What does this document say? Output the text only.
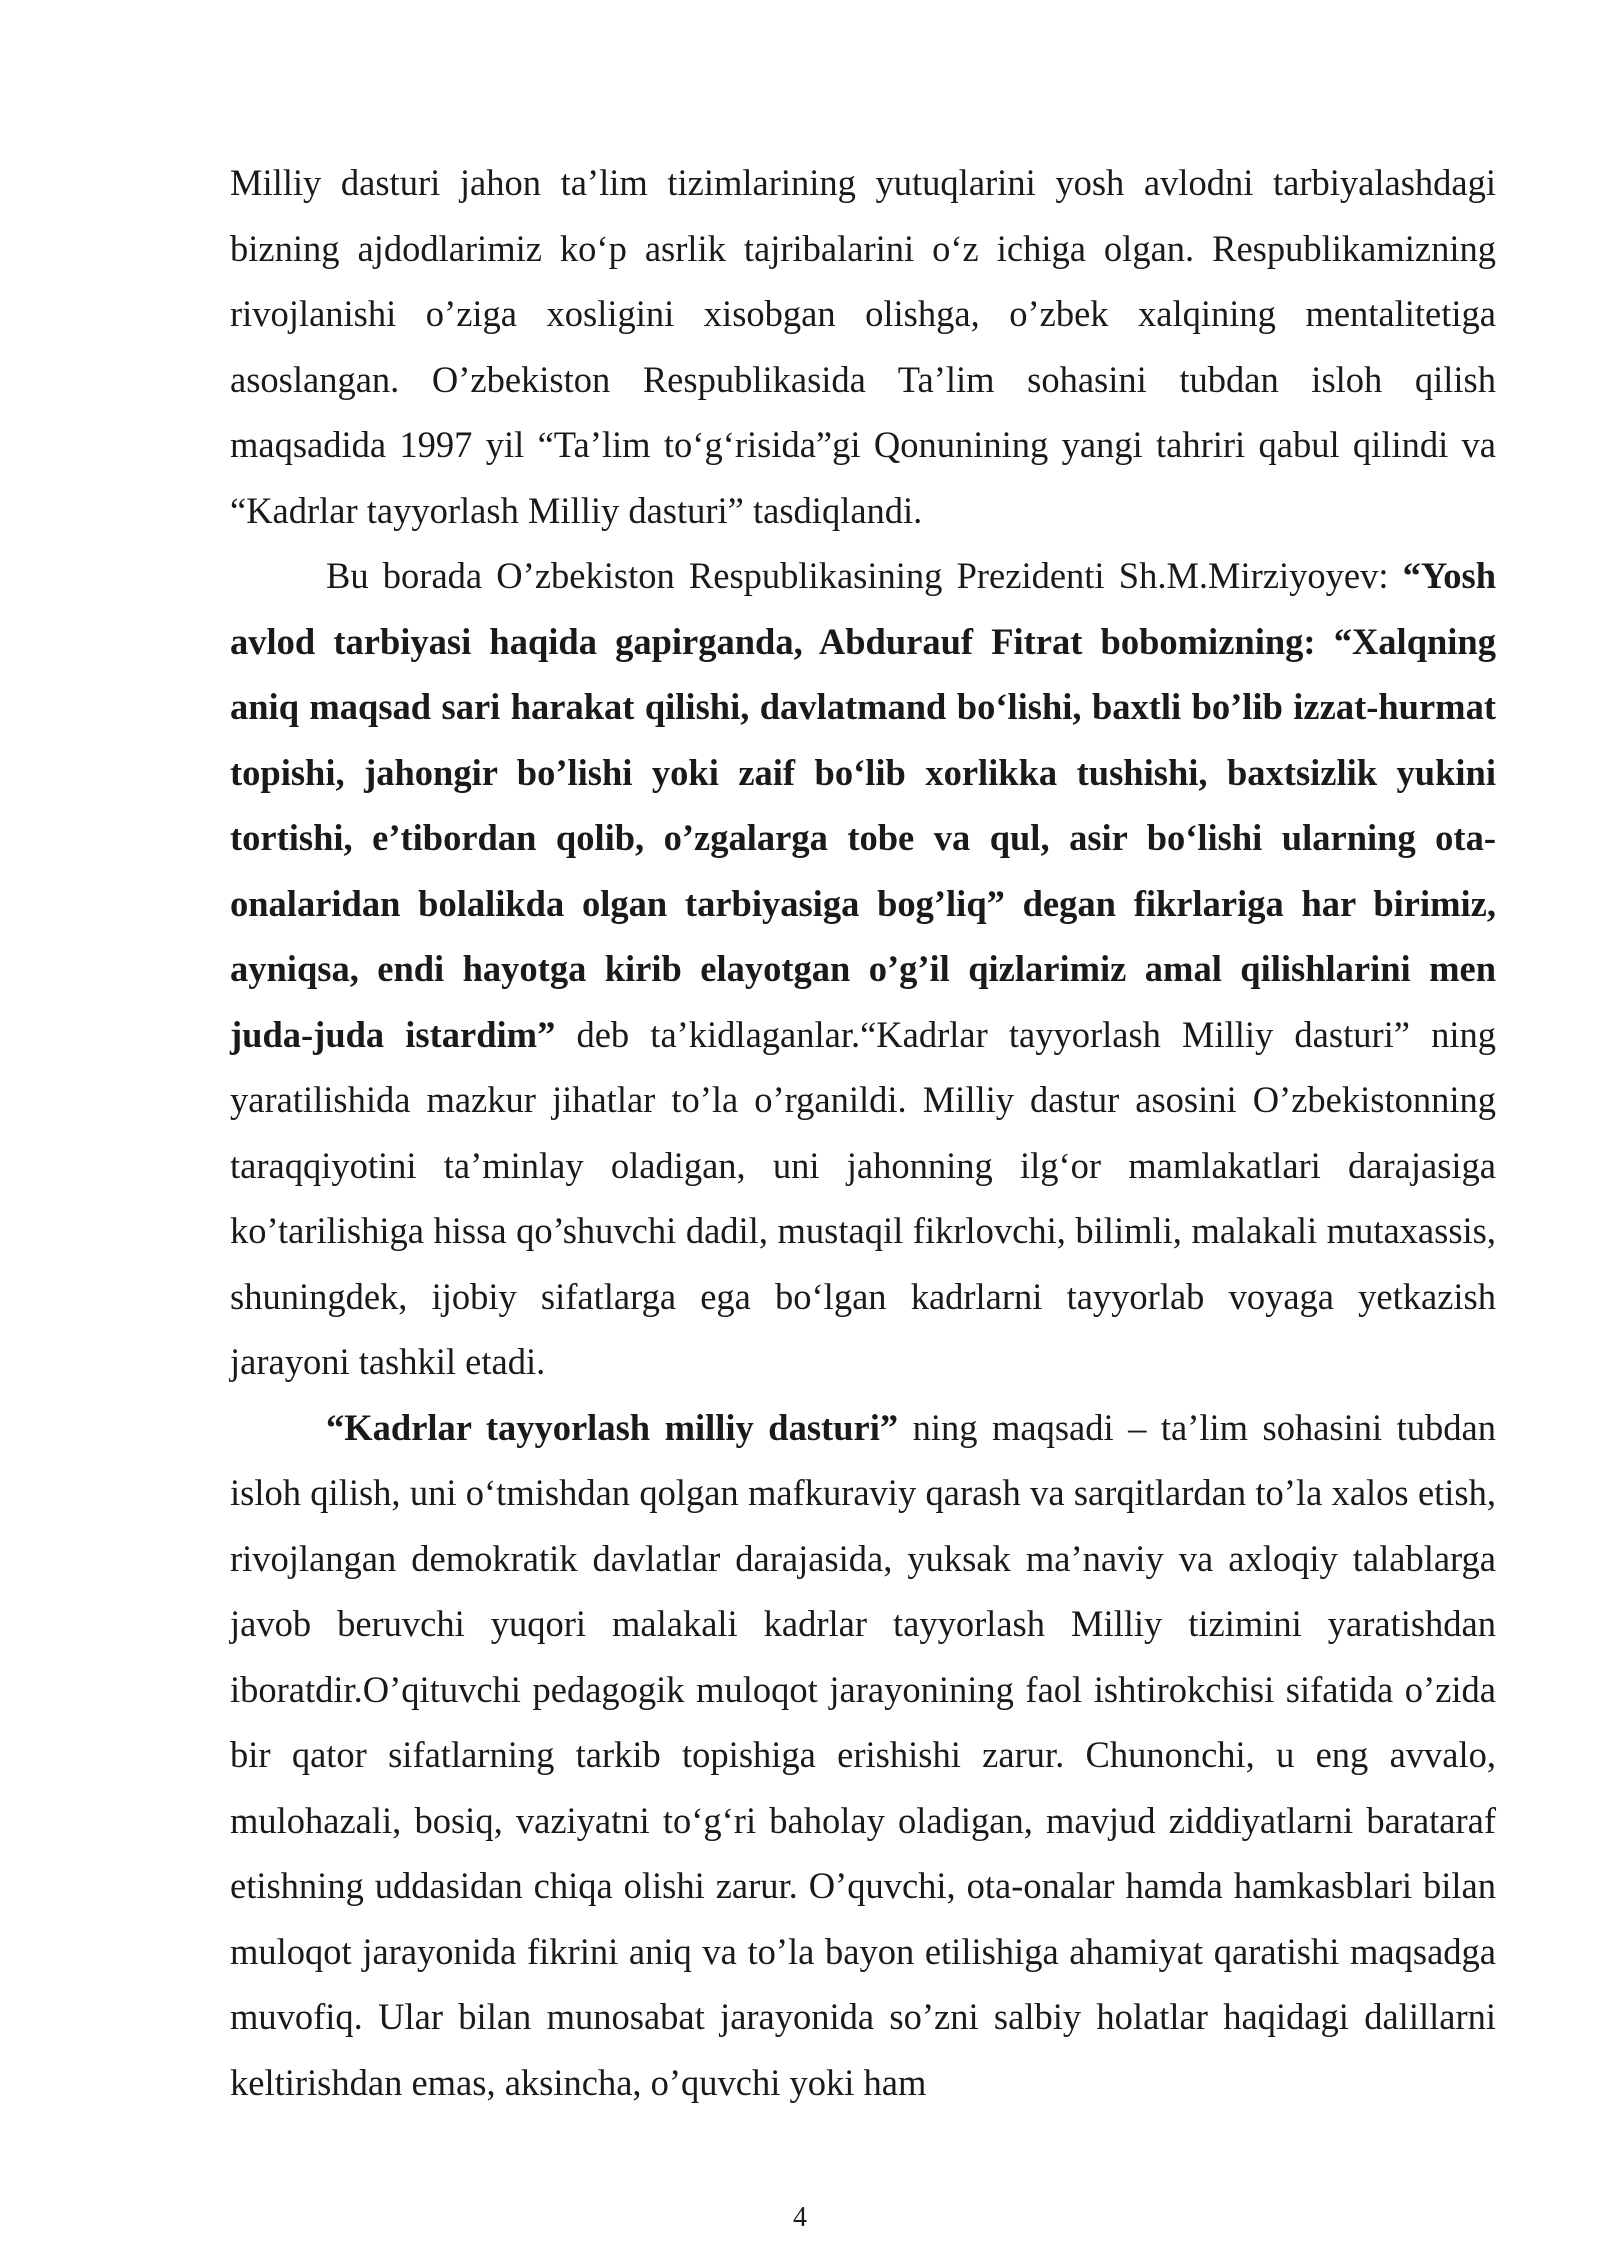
Milliy dasturi jahon ta’lim tizimlarining yutuqlarini yosh avlodni tarbiyalashdagi bizning ajdodlarimiz ko‘p asrlik tajribalarini o‘z ichiga olgan. Respublikamizning rivojlanishi o’ziga xosligini xisobgan olishga, o’zbek xalqining mentalitetiga asoslangan. O’zbekiston Respublikasida Ta’lim sohasini tubdan isloh qilish maqsadida 1997 yil “Ta’lim to‘g‘risida”gi Qonunining yangi tahriri qabul qilindi va “Kadrlar tayyorlash Milliy dasturi” tasdiqlandi.

Bu borada O’zbekiston Respublikasining Prezidenti Sh.M.Mirziyoyev: “Yosh avlod tarbiyasi haqida gapirganda, Abdurauf Fitrat bobomizning: “Xalqning aniq maqsad sari harakat qilishi, davlatmand bo‘lishi, baxtli bo’lib izzat-hurmat topishi, jahongir bo’lishi yoki zaif bo‘lib xorlikka tushishi, baxtsizlik yukini tortishi, e’tibordan qolib, o’zgalarga tobe va qul, asir bo‘lishi ularning ota-onalaridan bolalikda olgan tarbiyasiga bog’liq” degan fikrlariga har birimiz, ayniqsa, endi hayotga kirib elayotgan o’g’il qizlarimiz amal qilishlarini men juda-juda istardim” deb ta’kidlaganlar.“Kadrlar tayyorlash Milliy dasturi” ning yaratilishida mazkur jihatlar to’la o’rganildi. Milliy dastur asosini O’zbekistonning taraqqiyotini ta’minlay oladigan, uni jahonning ilg‘or mamlakatlari darajasiga ko’tarilishiga hissa qo’shuvchi dadil, mustaqil fikrlovchi, bilimli, malakali mutaxassis, shuningdek, ijobiy sifatlarga ega bo‘lgan kadrlarni tayyorlab voyaga yetkazish jarayoni tashkil etadi.

“Kadrlar tayyorlash milliy dasturi” ning maqsadi – ta’lim sohasini tubdan isloh qilish, uni o‘tmishdan qolgan mafkuraviy qarash va sarqitlardan to’la xalos etish, rivojlangan demokratik davlatlar darajasida, yuksak ma’naviy va axloqiy talablarga javob beruvchi yuqori malakali kadrlar tayyorlash Milliy tizimini yaratishdan iboratdir.O’qituvchi pedagogik muloqot jarayonining faol ishtirokchisi sifatida o’zida bir qator sifatlarning tarkib topishiga erishishi zarur. Chunonchi, u eng avvalo, mulohazali, bosiq, vaziyatni to‘g‘ri baholay oladigan, mavjud ziddiyatlarni barataraf etishning uddasidan chiqa olishi zarur. O’quvchi, ota-onalar hamda hamkasblari bilan muloqot jarayonida fikrini aniq va to’la bayon etilishiga ahamiyat qaratishi maqsadga muvofiq. Ular bilan munosabat jarayonida so’zni salbiy holatlar haqidagi dalillarni keltirishdan emas, aksincha, o’quvchi yoki ham

4
